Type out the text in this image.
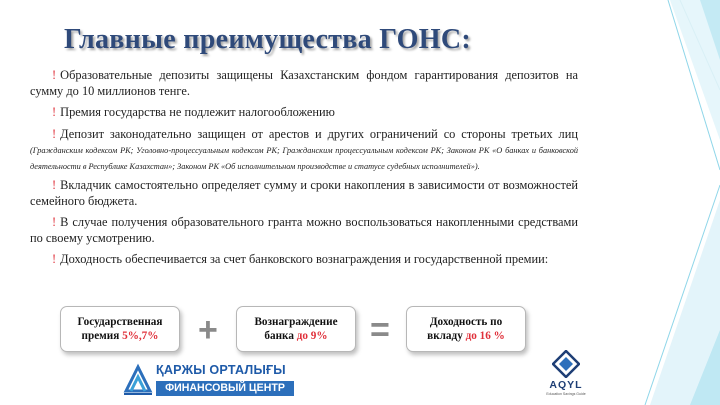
Главные преимущества ГОНС:

! Образовательные депозиты защищены Казахстанским фондом гарантирования депозитов на сумму до 10 миллионов тенге.

! Премия государства не подлежит налогообложению

! Депозит законодательно защищен от арестов и других ограничений со стороны третьих лиц (Гражданским кодексом РК; Уголовно-процессуальным кодексом РК; Гражданским процессуальным кодексом РК; Законом РК «О банках и банковской деятельности в Республике Казахстан»; Законом РК «Об исполнительном производстве и статусе судебных исполнителей»).

! Вкладчик самостоятельно определяет сумму и сроки накопления в зависимости от возможностей семейного бюджета.

! В случае получения образовательного гранта можно воспользоваться накопленными средствами по своему усмотрению.

! Доходность обеспечивается за счет банковского вознаграждения и государственной премии:

Государственная
премия 5%,7% +	Вознаграждение
банка до 9% =	Доходность по
вкладу до 16 %
ҚАРЖЫ ОРТАЛЫҒЫ
ФИНАНСОВЫЙ ЦЕНТР	AQYL
Education Savings Guide
